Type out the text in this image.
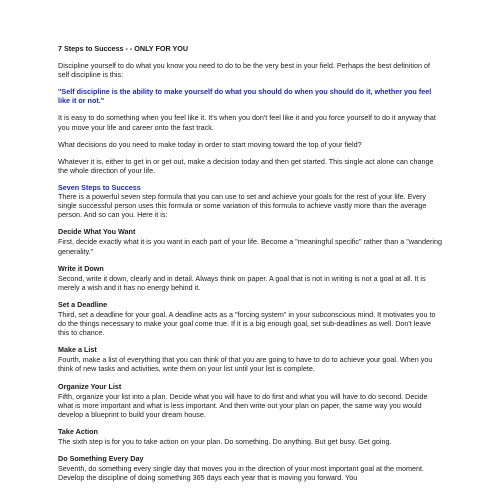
7 Steps to Success - - ONLY FOR YOU

Discipline yourself to do what you know you need to do to be the very best in your field. Perhaps the best definition of self discipline is this:

"Self discipline is the ability to make yourself do what you should do when you should do it, whether you feel like it or not."

It is easy to do something when you feel like it. It's when you don't feel like it and you force yourself to do it anyway that you move your life and career onto the fast track.

What decisions do you need to make today in order to start moving toward the top of your field?

Whatever it is, either to get in or get out, make a decision today and then get started. This single act alone can change the whole direction of your life.

Seven Steps to Success

There is a powerful seven step formula that you can use to set and achieve your goals for the rest of your life. Every single successful person uses this formula or some variation of this formula to achieve vastly more than the average person. And so can you. Here it is:

Decide What You Want
First, decide exactly what it is you want in each part of your life. Become a "meaningful specific" rather than a "wandering generality."
Write it Down
Second, write it down, clearly and in detail. Always think on paper. A goal that is not in writing is not a goal at all. It is merely a wish and it has no energy behind it.
Set a Deadline
Third, set a deadline for your goal. A deadline acts as a "forcing system" in your subconscious mind. It motivates you to do the things necessary to make your goal come true. If it is a big enough goal, set sub-deadlines as well. Don't leave this to chance.
Make a List
Fourth, make a list of everything that you can think of that you are going to have to do to achieve your goal. When you think of new tasks and activities, write them on your list until your list is complete.
Organize Your List
Fifth, organize your list into a plan. Decide what you will have to do first and what you will have to do second. Decide what is more important and what is less important. And then write out your plan on paper, the same way you would develop a blueprint to build your dream house.
Take Action
The sixth step is for you to take action on your plan. Do something. Do anything. But get busy. Get going.
Do Something Every Day
Seventh, do something every single day that moves you in the direction of your most important goal at the moment. Develop the discipline of doing something 365 days each year that is moving you forward. You
